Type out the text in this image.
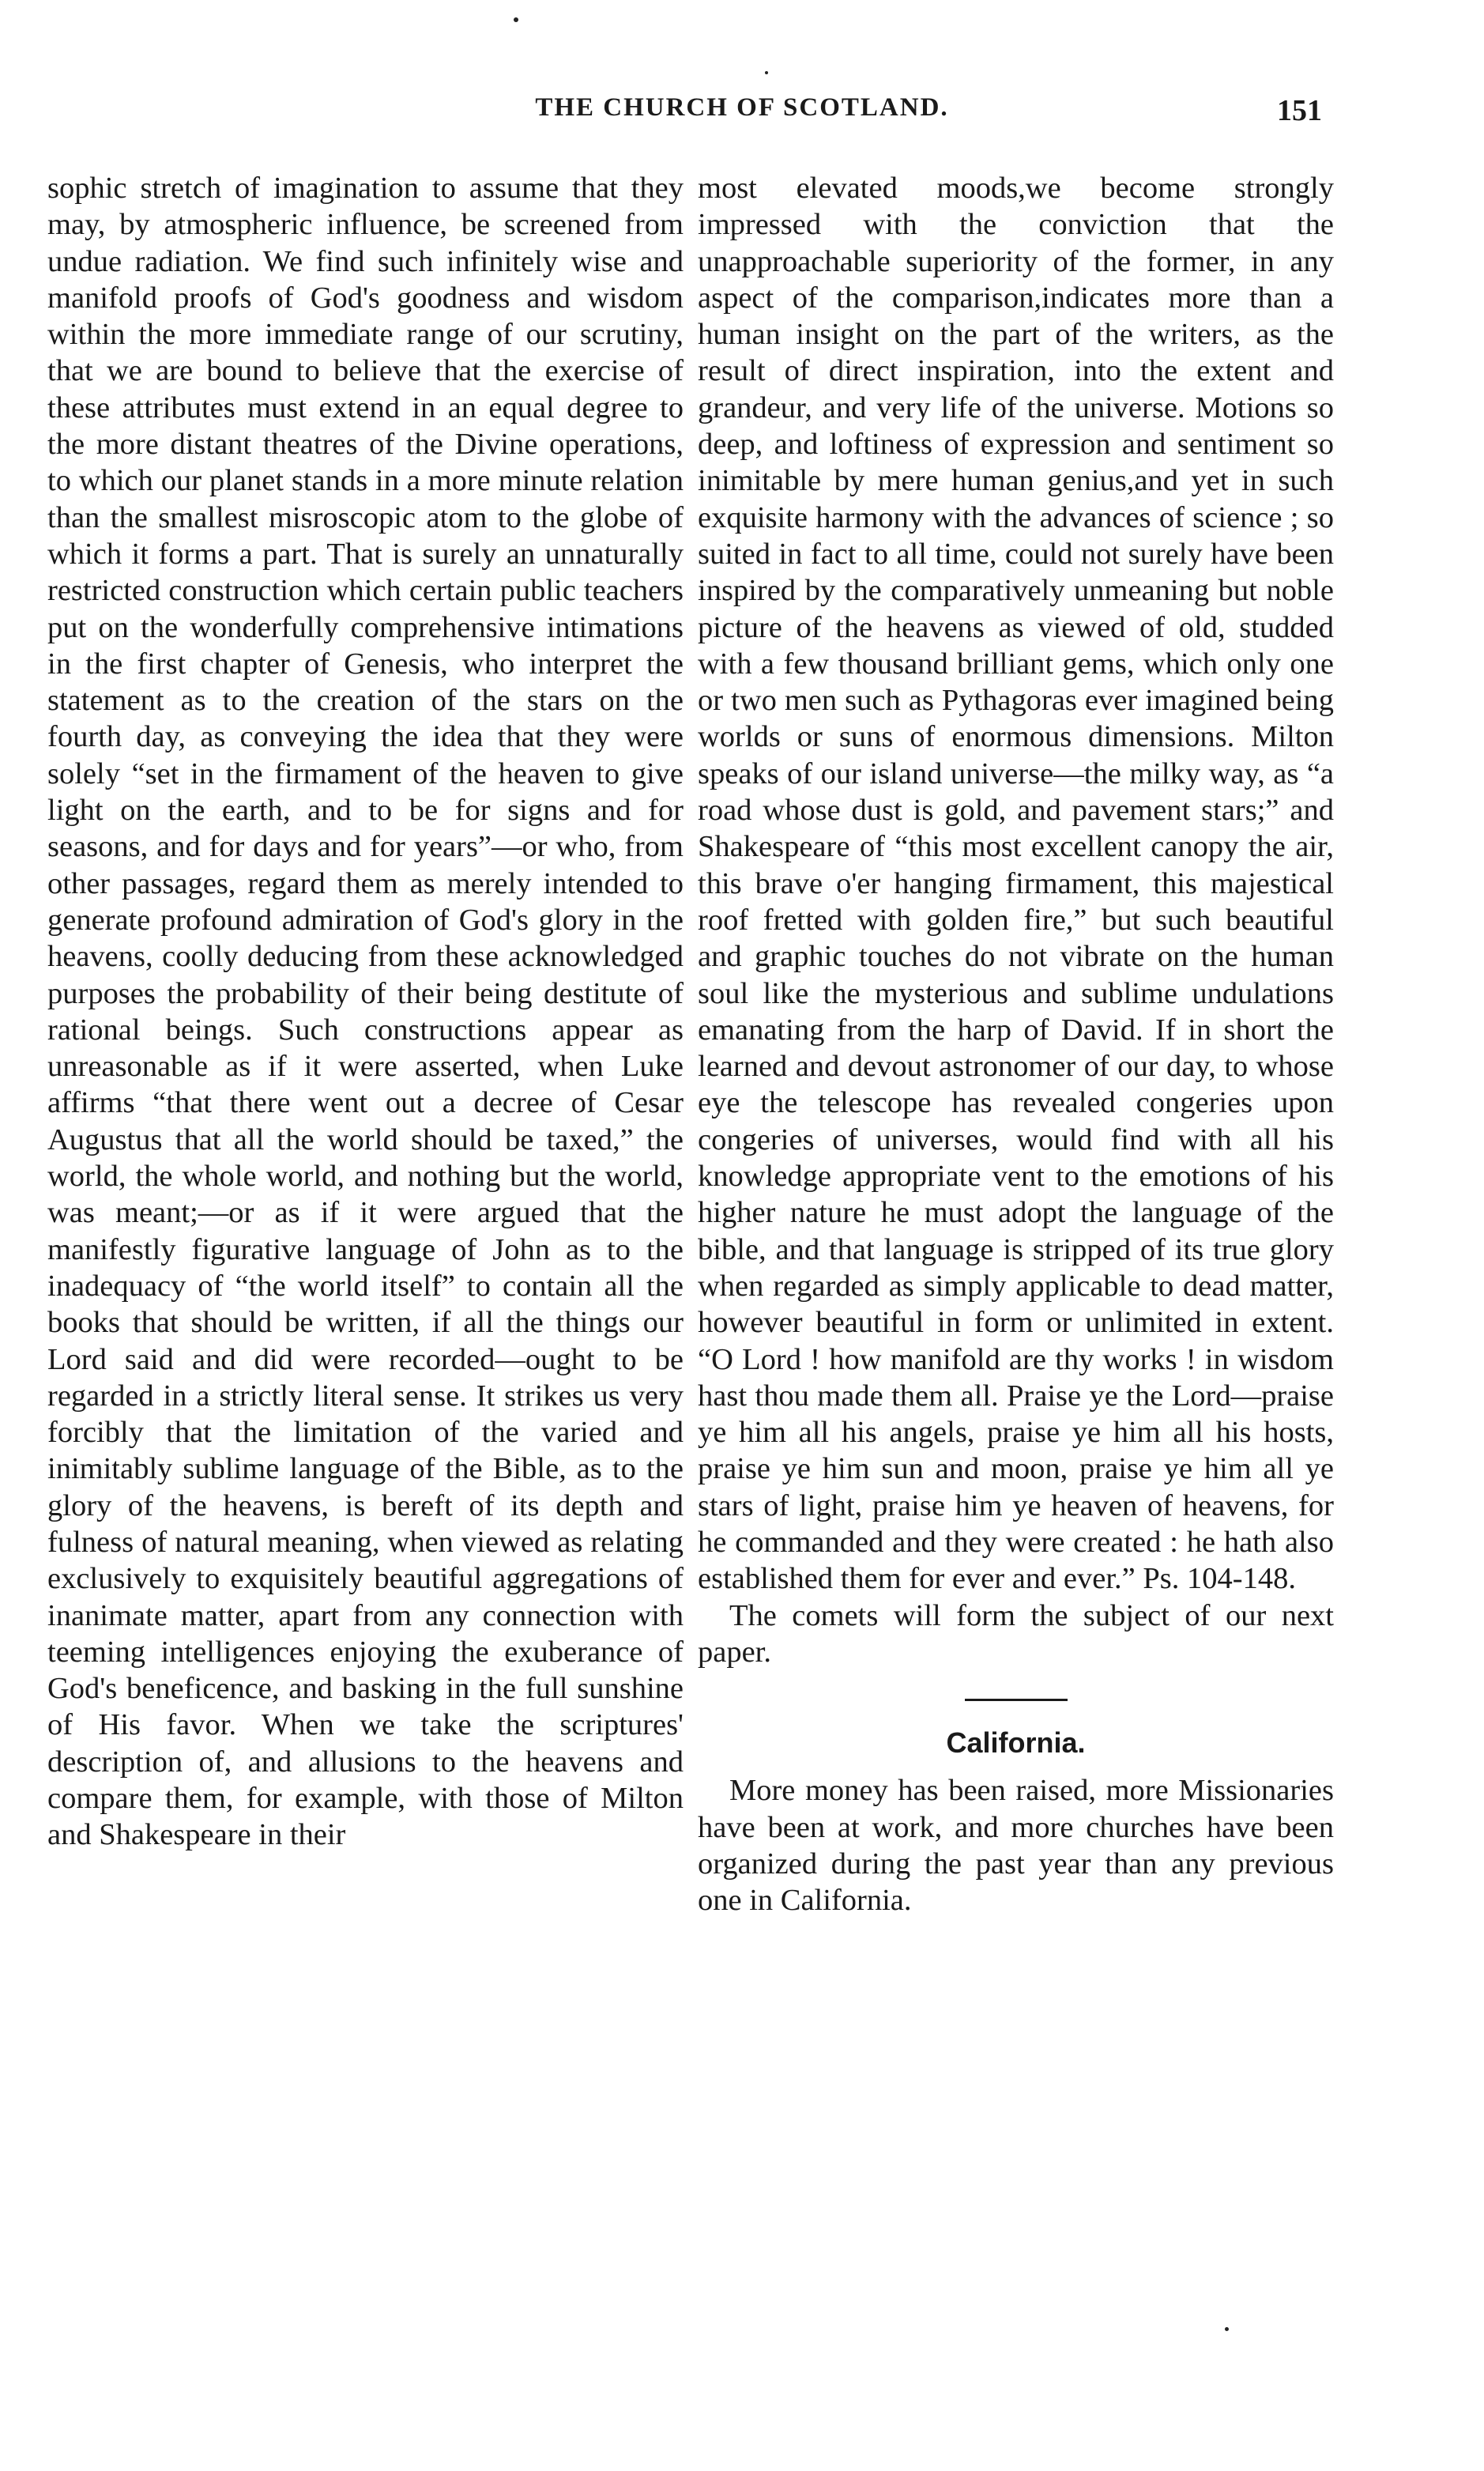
THE CHURCH OF SCOTLAND.	151

sophic stretch of imagination to assume that they may, by atmospheric influence, be screened from undue radiation. We find such infinitely wise and manifold proofs of God's goodness and wisdom within the more immediate range of our scrutiny, that we are bound to believe that the exercise of these attributes must extend in an equal degree to the more distant theatres of the Divine operations, to which our planet stands in a more minute relation than the smallest misroscopic atom to the globe of which it forms a part. That is surely an unnaturally restricted construction which certain public teachers put on the wonderfully comprehensive intimations in the first chapter of Genesis, who interpret the statement as to the creation of the stars on the fourth day, as conveying the idea that they were solely “set in the firmament of the heaven to give light on the earth, and to be for signs and for seasons, and for days and for years”—or who, from other passages, regard them as merely intended to generate profound admiration of God's glory in the heavens, coolly deducing from these acknowledged purposes the probability of their being destitute of rational beings. Such constructions appear as unreasonable as if it were asserted, when Luke affirms “that there went out a decree of Cesar Augustus that all the world should be taxed,” the world, the whole world, and nothing but the world, was meant;—or as if it were argued that the manifestly figurative language of John as to the inadequacy of “the world itself” to contain all the books that should be written, if all the things our Lord said and did were recorded—ought to be regarded in a strictly literal sense. It strikes us very forcibly that the limitation of the varied and inimitably sublime language of the Bible, as to the glory of the heavens, is bereft of its depth and fulness of natural meaning, when viewed as relating exclusively to exquisitely beautiful aggregations of inanimate matter, apart from any connection with teeming intelligences enjoying the exuberance of God's beneficence, and basking in the full sunshine of His favor. When we take the scriptures' description of, and allusions to the heavens and compare them, for example, with those of Milton and Shakespeare in their

most elevated moods,we become strongly impressed with the conviction that the unapproachable superiority of the former, in any aspect of the comparison,indicates more than a human insight on the part of the writers, as the result of direct inspiration, into the extent and grandeur, and very life of the universe. Motions so deep, and loftiness of expression and sentiment so inimitable by mere human genius,and yet in such exquisite harmony with the advances of science ; so suited in fact to all time, could not surely have been inspired by the comparatively unmeaning but noble picture of the heavens as viewed of old, studded with a few thousand brilliant gems, which only one or two men such as Pythagoras ever imagined being worlds or suns of enormous dimensions. Milton speaks of our island universe—the milky way, as “a road whose dust is gold, and pavement stars;” and Shakespeare of “this most excellent canopy the air, this brave o'er hanging firmament, this majestical roof fretted with golden fire,” but such beautiful and graphic touches do not vibrate on the human soul like the mysterious and sublime undulations emanating from the harp of David. If in short the learned and devout astronomer of our day, to whose eye the telescope has revealed congeries upon congeries of universes, would find with all his knowledge appropriate vent to the emotions of his higher nature he must adopt the language of the bible, and that language is stripped of its true glory when regarded as simply applicable to dead matter, however beautiful in form or unlimited in extent. “O Lord ! how manifold are thy works ! in wisdom hast thou made them all. Praise ye the Lord—praise ye him all his angels, praise ye him all his hosts, praise ye him sun and moon, praise ye him all ye stars of light, praise him ye heaven of heavens, for he commanded and they were created : he hath also established them for ever and ever.” Ps. 104-148.

The comets will form the subject of our next paper.

California.

More money has been raised, more Missionaries have been at work, and more churches have been organized during the past year than any previous one in California.
